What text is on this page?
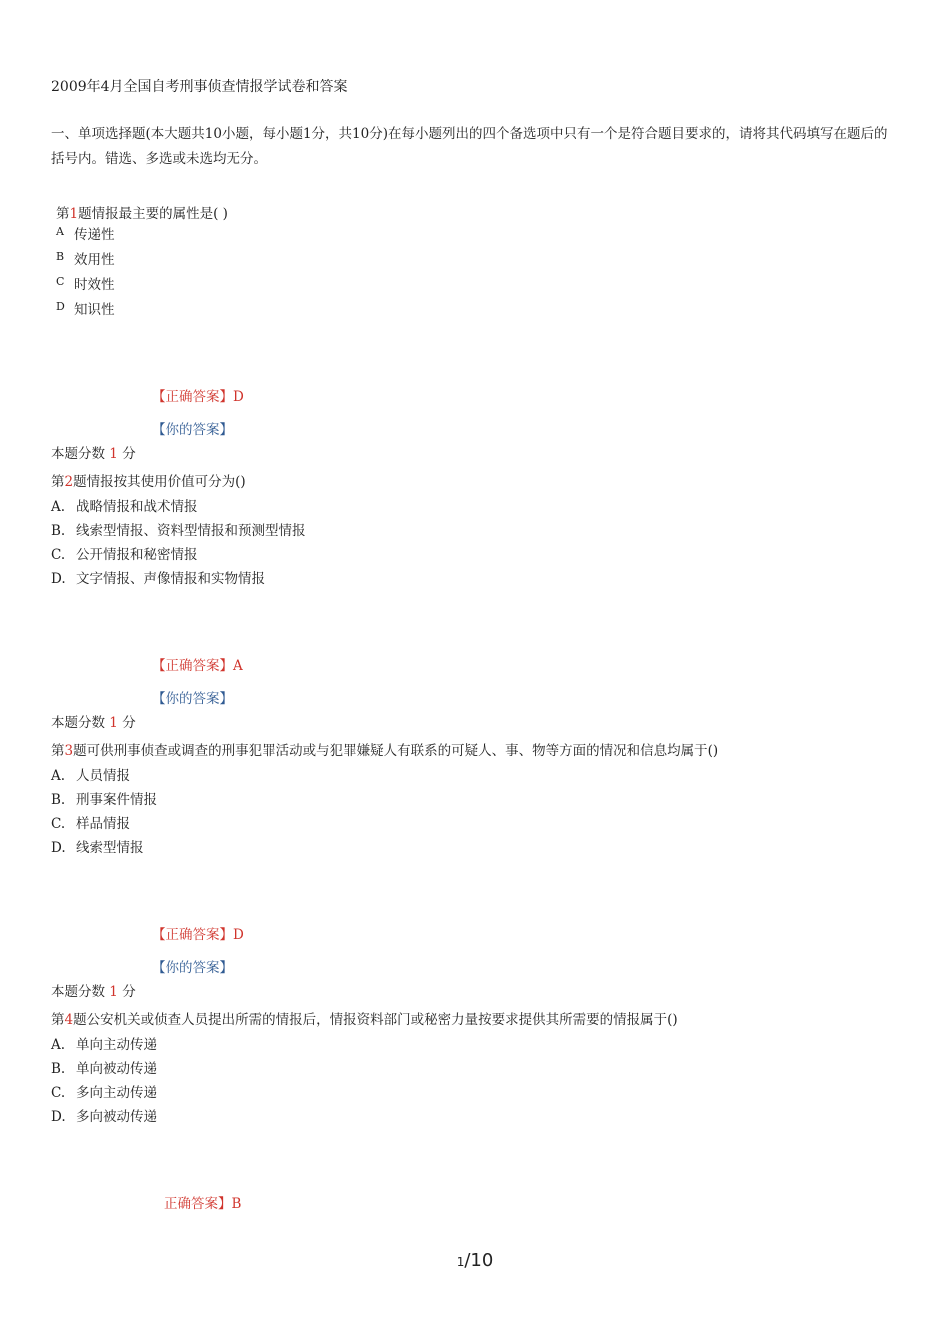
2009年4月全国自考刑事侦查情报学试卷和答案
一、单项选择题(本大题共10小题，每小题1分，共10分)在每小题列出的四个备选项中只有一个是符合题目要求的，请将其代码填写在题后的括号内。错选、多选或未选均无分。
第1题情报最主要的属性是( )
A 传递性
B 效用性
C 时效性
D 知识性
【正确答案】D
【你的答案】
本题分数 1 分
第2题情报按其使用价值可分为()
A. 战略情报和战术情报
B. 线索型情报、资料型情报和预测型情报
C. 公开情报和秘密情报
D. 文字情报、声像情报和实物情报
【正确答案】A
【你的答案】
本题分数 1 分
第3题可供刑事侦查或调查的刑事犯罪活动或与犯罪嫌疑人有联系的可疑人、事、物等方面的情况和信息均属于()
A. 人员情报
B. 刑事案件情报
C. 样品情报
D. 线索型情报
【正确答案】D
【你的答案】
本题分数 1 分
第4题公安机关或侦查人员提出所需的情报后，情报资料部门或秘密力量按要求提供其所需要的情报属于()
A. 单向主动传递
B. 单向被动传递
C. 多向主动传递
D. 多向被动传递
正确答案】B
1/10
